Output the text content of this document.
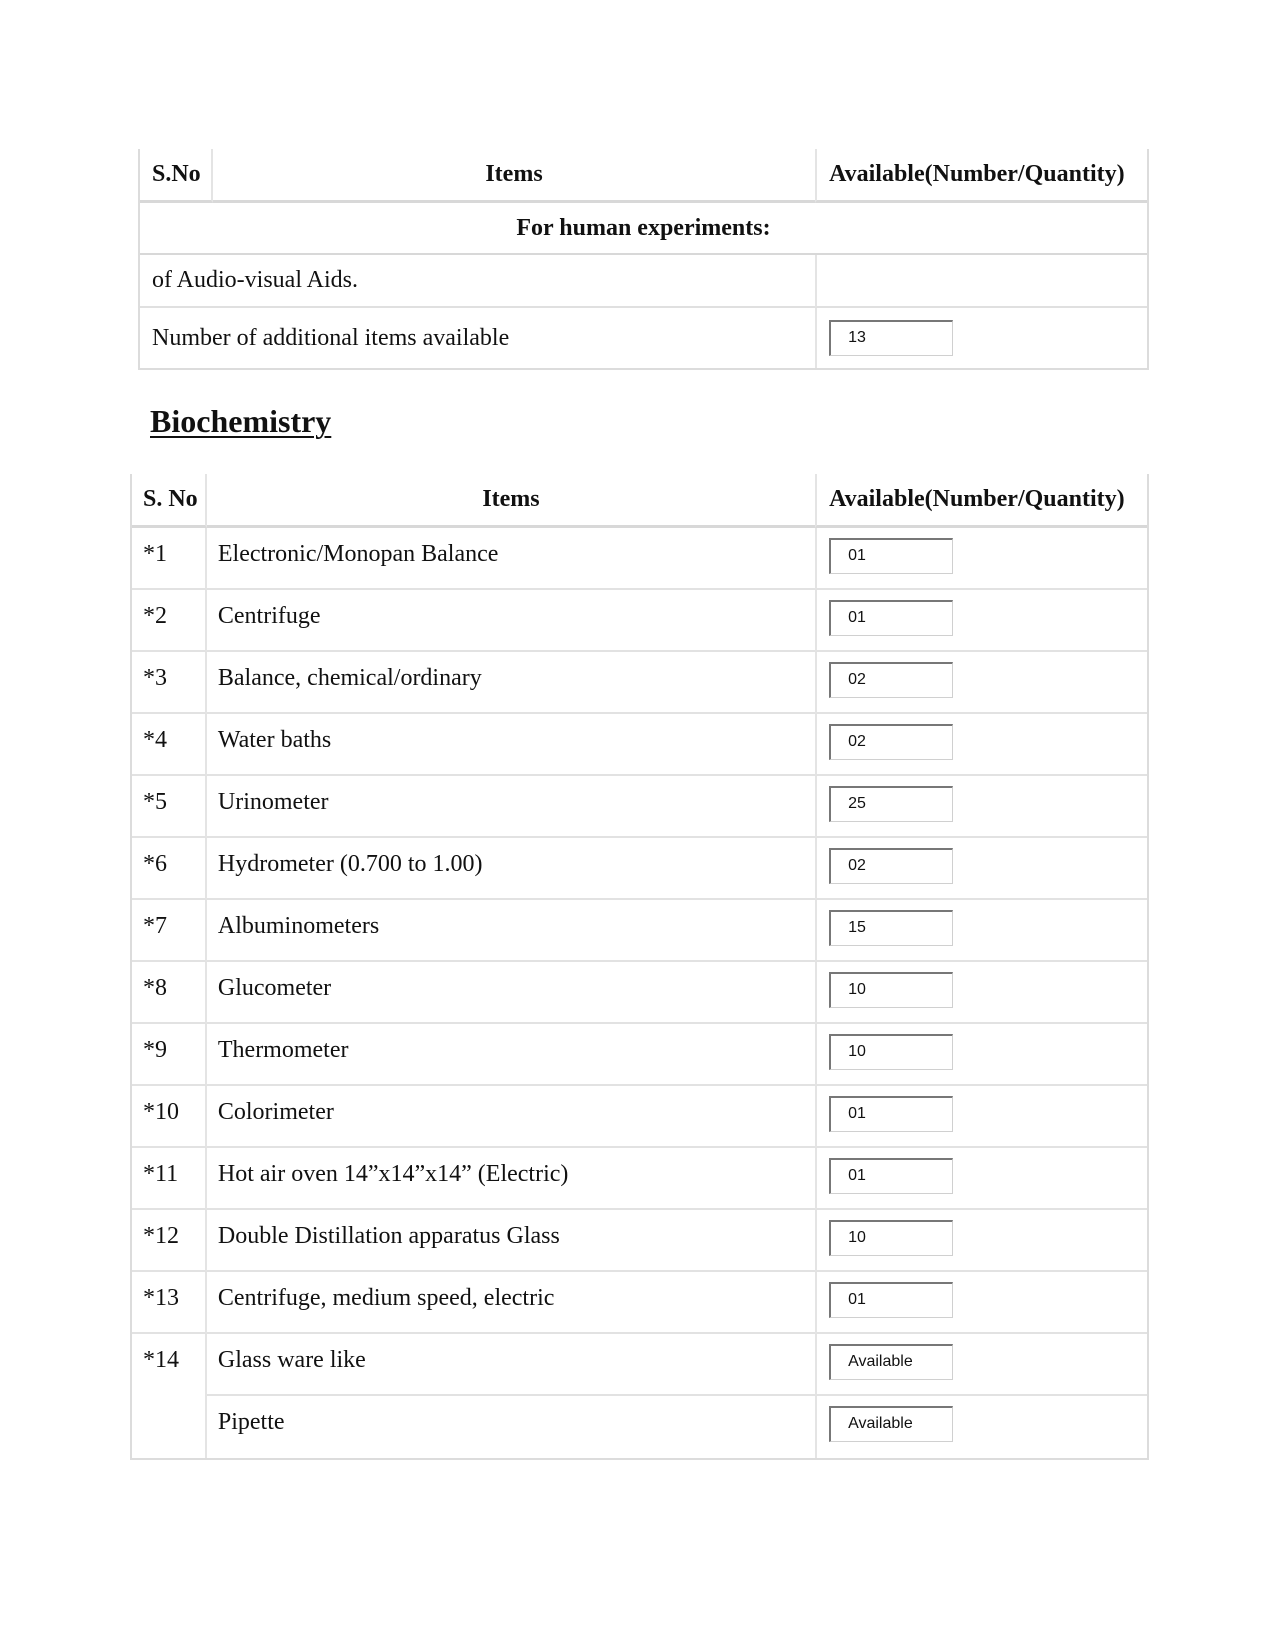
S.No	Items	Available(Number/Quantity)
For human experiments:		
of Audio-visual Aids.		
Number of additional items available		13
Biochemistry
S. No	Items	Available(Number/Quantity)
*1	Electronic/Monopan Balance	01

*2	Centrifuge	01

*3	Balance, chemical/ordinary	02

*4	Water baths	02

*5	Urinometer	25

*6	Hydrometer (0.700 to 1.00)	02

*7	Albuminometers	15

*8	Glucometer	10

*9	Thermometer	10

*10	Colorimeter	01

*11	Hot air oven 14”x14”x14” (Electric)	01

*12	Double Distillation apparatus Glass	10

*13	Centrifuge, medium speed, electric	01

*14	Glass ware like	Available

	Pipette	Available
